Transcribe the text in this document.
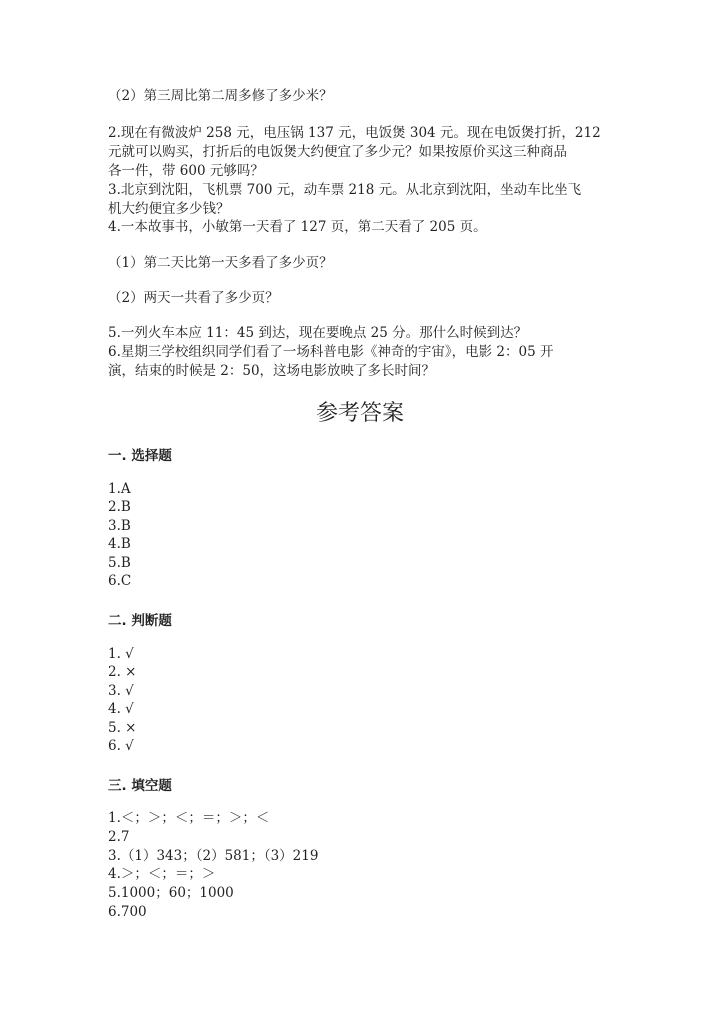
（2）第三周比第二周多修了多少米？
2.现在有微波炉 258 元，电压锅 137 元，电饭煲 304 元。现在电饭煲打折，212
元就可以购买，打折后的电饭煲大约便宜了多少元？如果按原价买这三种商品
各一件，带 600 元够吗？
3.北京到沈阳，飞机票 700 元，动车票 218 元。从北京到沈阳，坐动车比坐飞
机大约便宜多少钱？
4.一本故事书，小敏第一天看了 127 页，第二天看了 205 页。
（1）第二天比第一天多看了多少页？
（2）两天一共看了多少页？
5.一列火车本应 11：45 到达，现在要晚点 25 分。那什么时候到达？
6.星期三学校组织同学们看了一场科普电影《神奇的宇宙》，电影 2：05 开
演，结束的时候是 2：50，这场电影放映了多长时间？
参考答案
一. 选择题
1.A
2.B
3.B
4.B
5.B
6.C
二. 判断题
1. √
2. ×
3. √
4. √
5. ×
6. √
三. 填空题
1.＜；＞；＜；＝；＞；＜
2.7
3.（1）343；（2）581；（3）219
4.＞；＜；＝；＞
5.1000；60；1000
6.700
